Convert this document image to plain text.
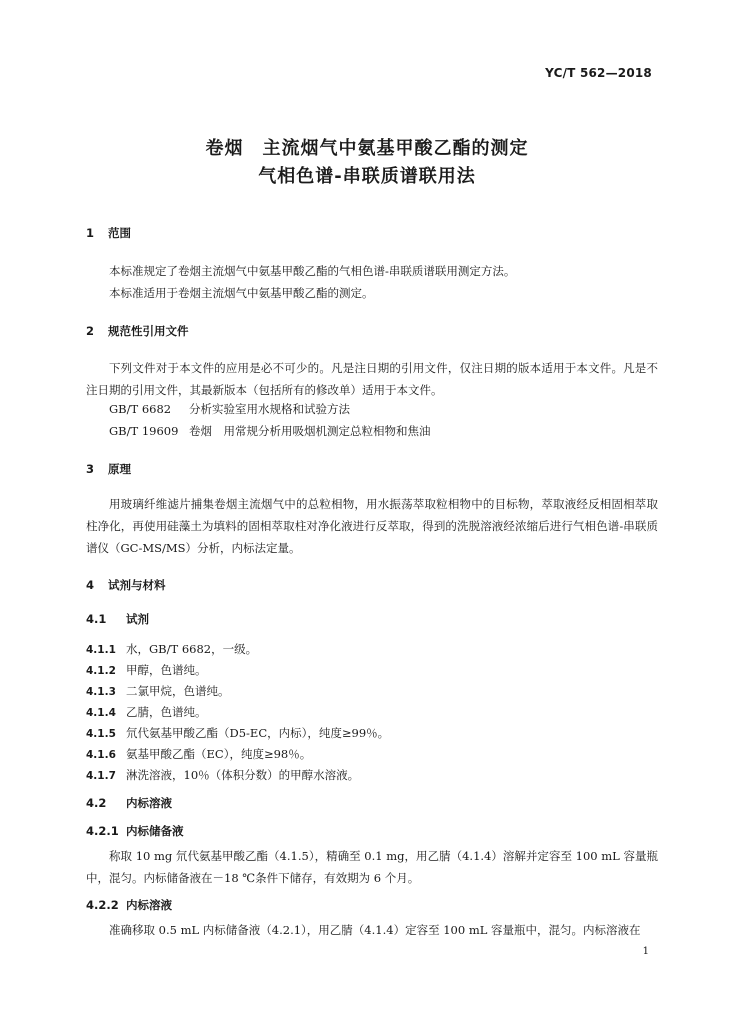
YC/T 562—2018
卷烟　主流烟气中氨基甲酸乙酯的测定
气相色谱-串联质谱联用法
1 范围
本标准规定了卷烟主流烟气中氨基甲酸乙酯的气相色谱-串联质谱联用测定方法。
本标准适用于卷烟主流烟气中氨基甲酸乙酯的测定。
2 规范性引用文件
下列文件对于本文件的应用是必不可少的。凡是注日期的引用文件，仅注日期的版本适用于本文件。凡是不注日期的引用文件，其最新版本（包括所有的修改单）适用于本文件。
GB/T 6682 分析实验室用水规格和试验方法
GB/T 19609 卷烟　用常规分析用吸烟机测定总粒相物和焦油
3 原理
用玻璃纤维滤片捕集卷烟主流烟气中的总粒相物，用水振荡萃取粒相物中的目标物，萃取液经反相固相萃取柱净化，再使用硅藻土为填料的固相萃取柱对净化液进行反萃取，得到的洗脱溶液经浓缩后进行气相色谱-串联质谱仪（GC-MS/MS）分析，内标法定量。
4 试剂与材料
4.1 试剂
4.1.1 水，GB/T 6682，一级。
4.1.2 甲醇，色谱纯。
4.1.3 二氯甲烷，色谱纯。
4.1.4 乙腈，色谱纯。
4.1.5 氘代氨基甲酸乙酯（D5-EC，内标），纯度≥99％。
4.1.6 氨基甲酸乙酯（EC），纯度≥98％。
4.1.7 淋洗溶液，10％（体积分数）的甲醇水溶液。
4.2 内标溶液
4.2.1 内标储备液
称取 10 mg 氘代氨基甲酸乙酯（4.1.5），精确至 0.1 mg，用乙腈（4.1.4）溶解并定容至 100 mL 容量瓶中，混匀。内标储备液在－18 ℃条件下储存，有效期为 6 个月。
4.2.2 内标溶液
准确移取 0.5 mL 内标储备液（4.2.1），用乙腈（4.1.4）定容至 100 mL 容量瓶中，混匀。内标溶液在
1
